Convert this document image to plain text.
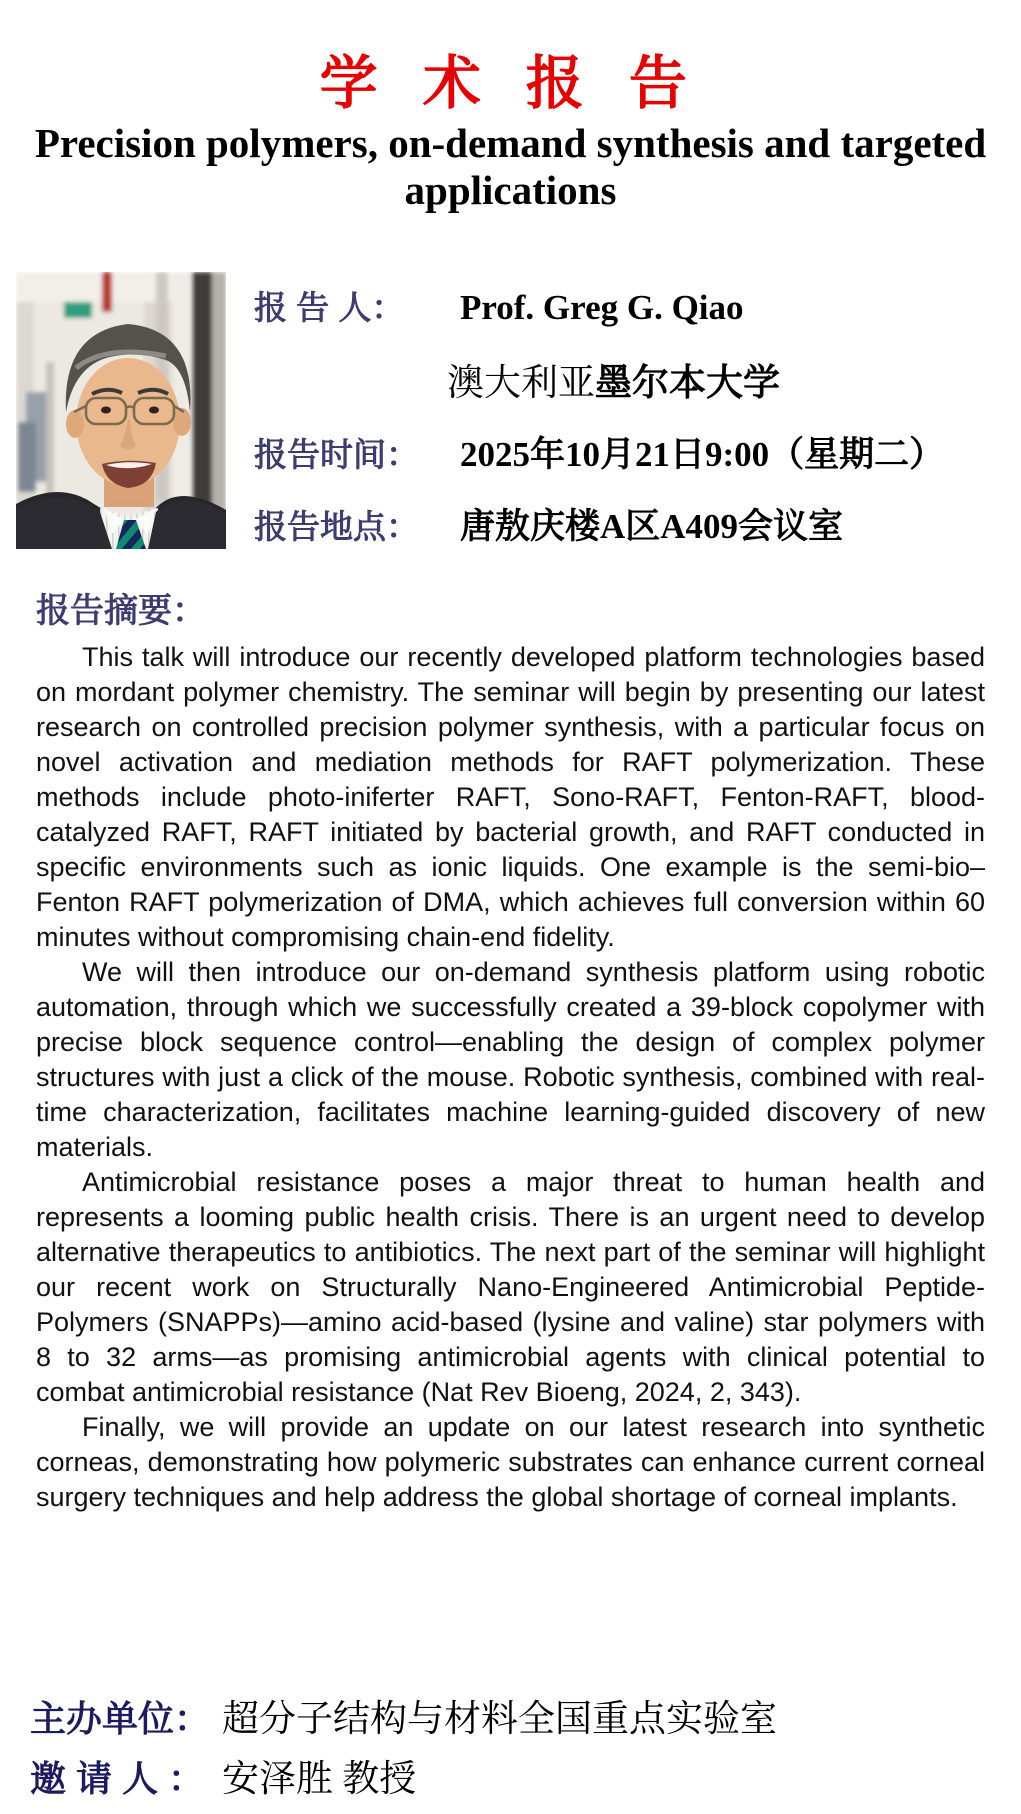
学 术 报 告
Precision polymers, on-demand synthesis and targeted applications
报 告 人：	Prof. Greg G. Qiao
澳大利亚墨尔本大学
报告时间：	2025年10月21日9:00（星期二）
报告地点：	唐敖庆楼A区A409会议室
报告摘要：

This talk will introduce our recently developed platform technologies based on mordant polymer chemistry. The seminar will begin by presenting our latest research on controlled precision polymer synthesis, with a particular focus on novel activation and mediation methods for RAFT polymerization. These methods include photo-iniferter RAFT, Sono-RAFT, Fenton-RAFT, blood-catalyzed RAFT, RAFT initiated by bacterial growth, and RAFT conducted in specific environments such as ionic liquids. One example is the semi-bio–Fenton RAFT polymerization of DMA, which achieves full conversion within 60 minutes without compromising chain-end fidelity.

We will then introduce our on-demand synthesis platform using robotic automation, through which we successfully created a 39-block copolymer with precise block sequence control—enabling the design of complex polymer structures with just a click of the mouse. Robotic synthesis, combined with real-time characterization, facilitates machine learning-guided discovery of new materials.

Antimicrobial resistance poses a major threat to human health and represents a looming public health crisis. There is an urgent need to develop alternative therapeutics to antibiotics. The next part of the seminar will highlight our recent work on Structurally Nano-Engineered Antimicrobial Peptide-Polymers (SNAPPs)—amino acid-based (lysine and valine) star polymers with 8 to 32 arms—as promising antimicrobial agents with clinical potential to combat antimicrobial resistance (Nat Rev Bioeng, 2024, 2, 343).

Finally, we will provide an update on our latest research into synthetic corneas, demonstrating how polymeric substrates can enhance current corneal surgery techniques and help address the global shortage of corneal implants.

主办单位： 超分子结构与材料全国重点实验室
邀 请 人 ： 安泽胜 教授
